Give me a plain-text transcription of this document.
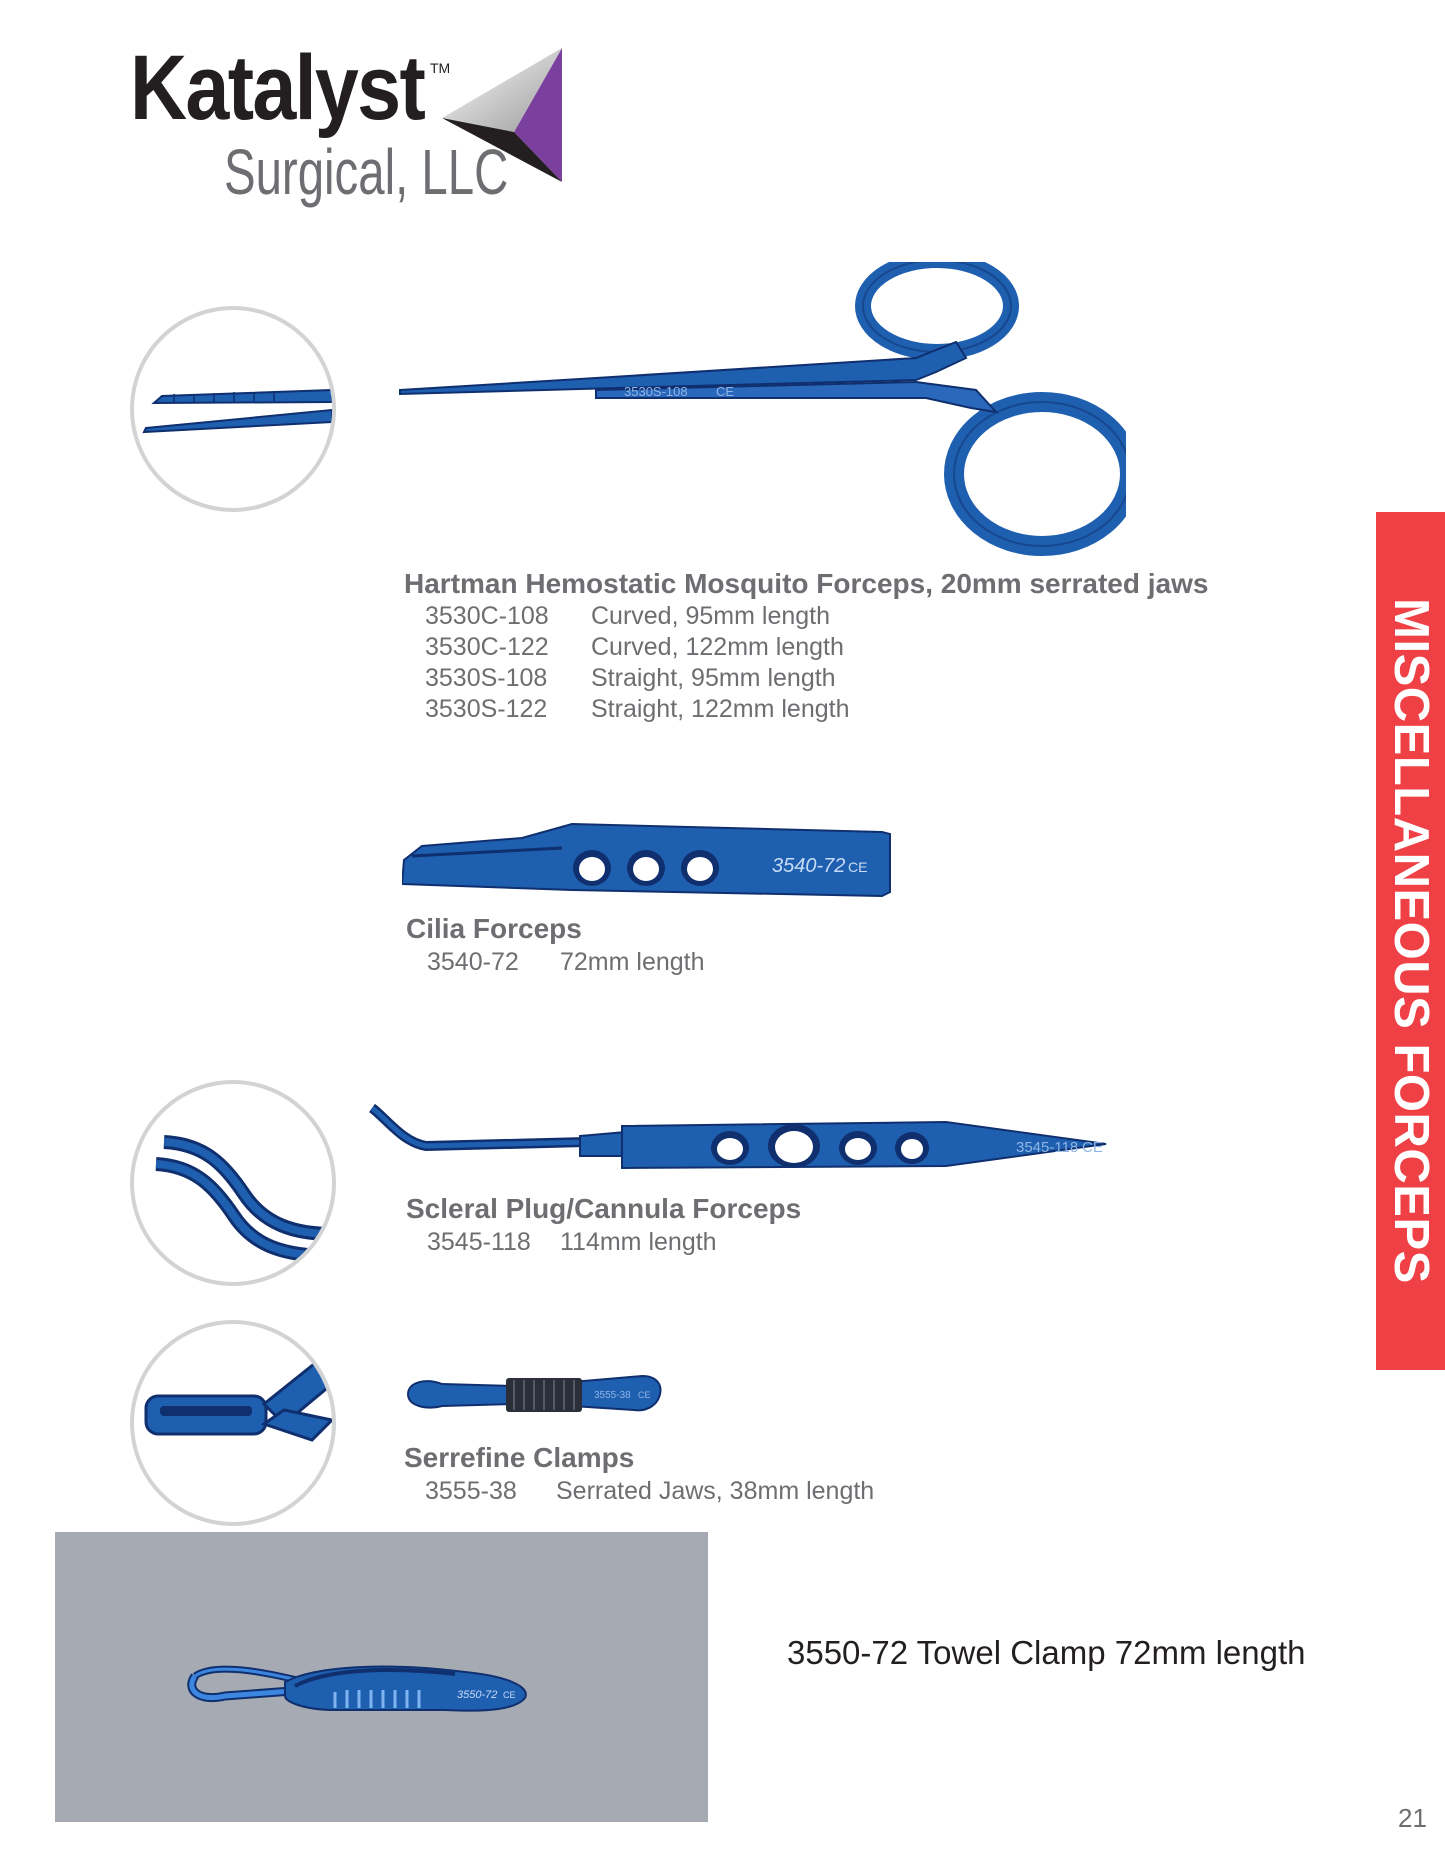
Katalyst TM
Surgical, LLC
MISCELLANEOUS FORCEPS
3530S-108 CE
Hartman Hemostatic Mosquito Forceps, 20mm serrated jaws
3530C-108 Curved, 95mm length
3530C-122 Curved, 122mm length
3530S-108 Straight, 95mm length
3530S-122 Straight, 122mm length
3540-72 CE
Cilia Forceps
3540-72 72mm length
3545-118 CE
Scleral Plug/Cannula Forceps
3545-118 114mm length
3555-38 CE
Serrefine Clamps
3555-38 Serrated Jaws, 38mm length
3550-72 CE
3550-72 Towel Clamp 72mm length
21
